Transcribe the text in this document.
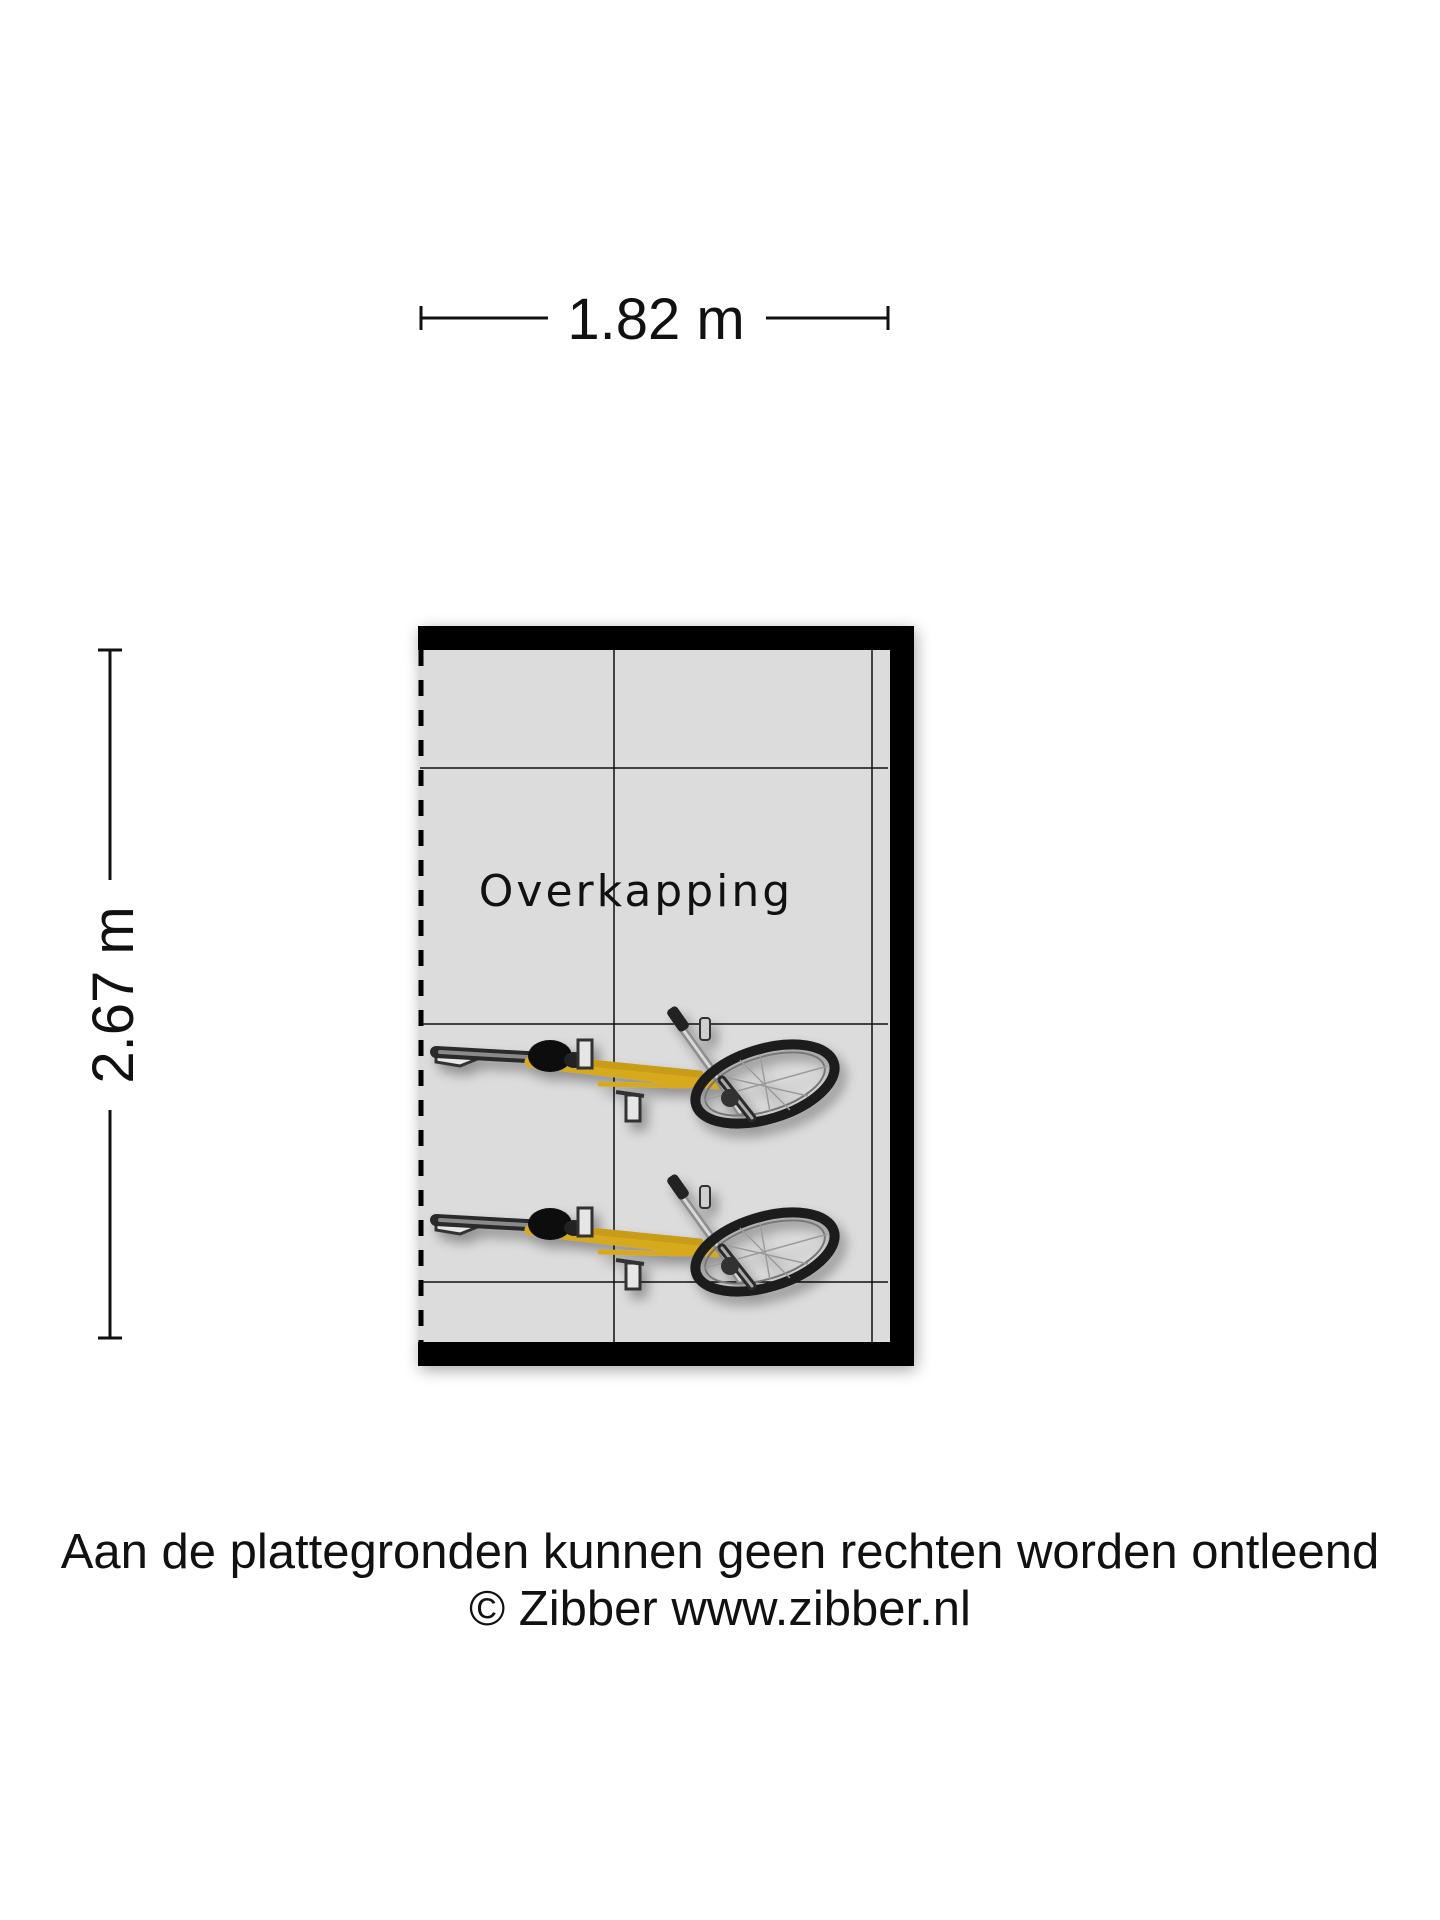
1.82 m
2.67 m
Overkapping
Aan de plattegronden kunnen geen rechten worden ontleend
© Zibber www.zibber.nl
